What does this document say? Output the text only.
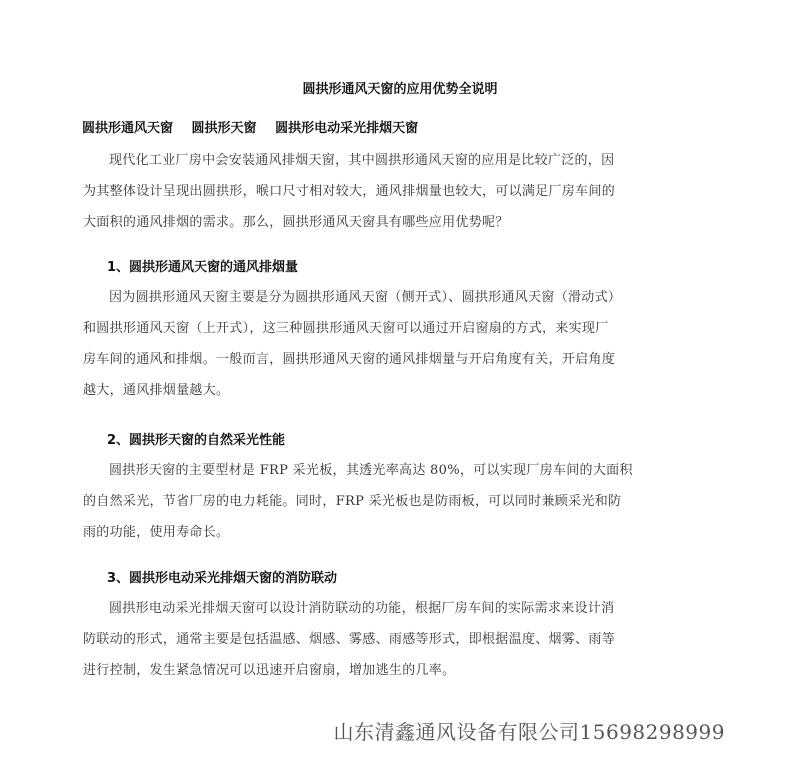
圆拱形通风天窗的应用优势全说明
圆拱形通风天窗 圆拱形天窗 圆拱形电动采光排烟天窗

现代化工业厂房中会安装通风排烟天窗，其中圆拱形通风天窗的应用是比较广泛的，因
为其整体设计呈现出圆拱形，喉口尺寸相对较大，通风排烟量也较大，可以满足厂房车间的
大面积的通风排烟的需求。那么，圆拱形通风天窗具有哪些应用优势呢？

1、圆拱形通风天窗的通风排烟量

因为圆拱形通风天窗主要是分为圆拱形通风天窗（侧开式）、圆拱形通风天窗（滑动式）
和圆拱形通风天窗（上开式），这三种圆拱形通风天窗可以通过开启窗扇的方式，来实现厂
房车间的通风和排烟。一般而言，圆拱形通风天窗的通风排烟量与开启角度有关，开启角度
越大，通风排烟量越大。

2、圆拱形天窗的自然采光性能

圆拱形天窗的主要型材是 FRP 采光板，其透光率高达 80%，可以实现厂房车间的大面积
的自然采光，节省厂房的电力耗能。同时，FRP 采光板也是防雨板，可以同时兼顾采光和防
雨的功能，使用寿命长。

3、圆拱形电动采光排烟天窗的消防联动

圆拱形电动采光排烟天窗可以设计消防联动的功能，根据厂房车间的实际需求来设计消
防联动的形式，通常主要是包括温感、烟感、雾感、雨感等形式，即根据温度、烟雾、雨等
进行控制，发生紧急情况可以迅速开启窗扇，增加逃生的几率。

山东清鑫通风设备有限公司15698298999
